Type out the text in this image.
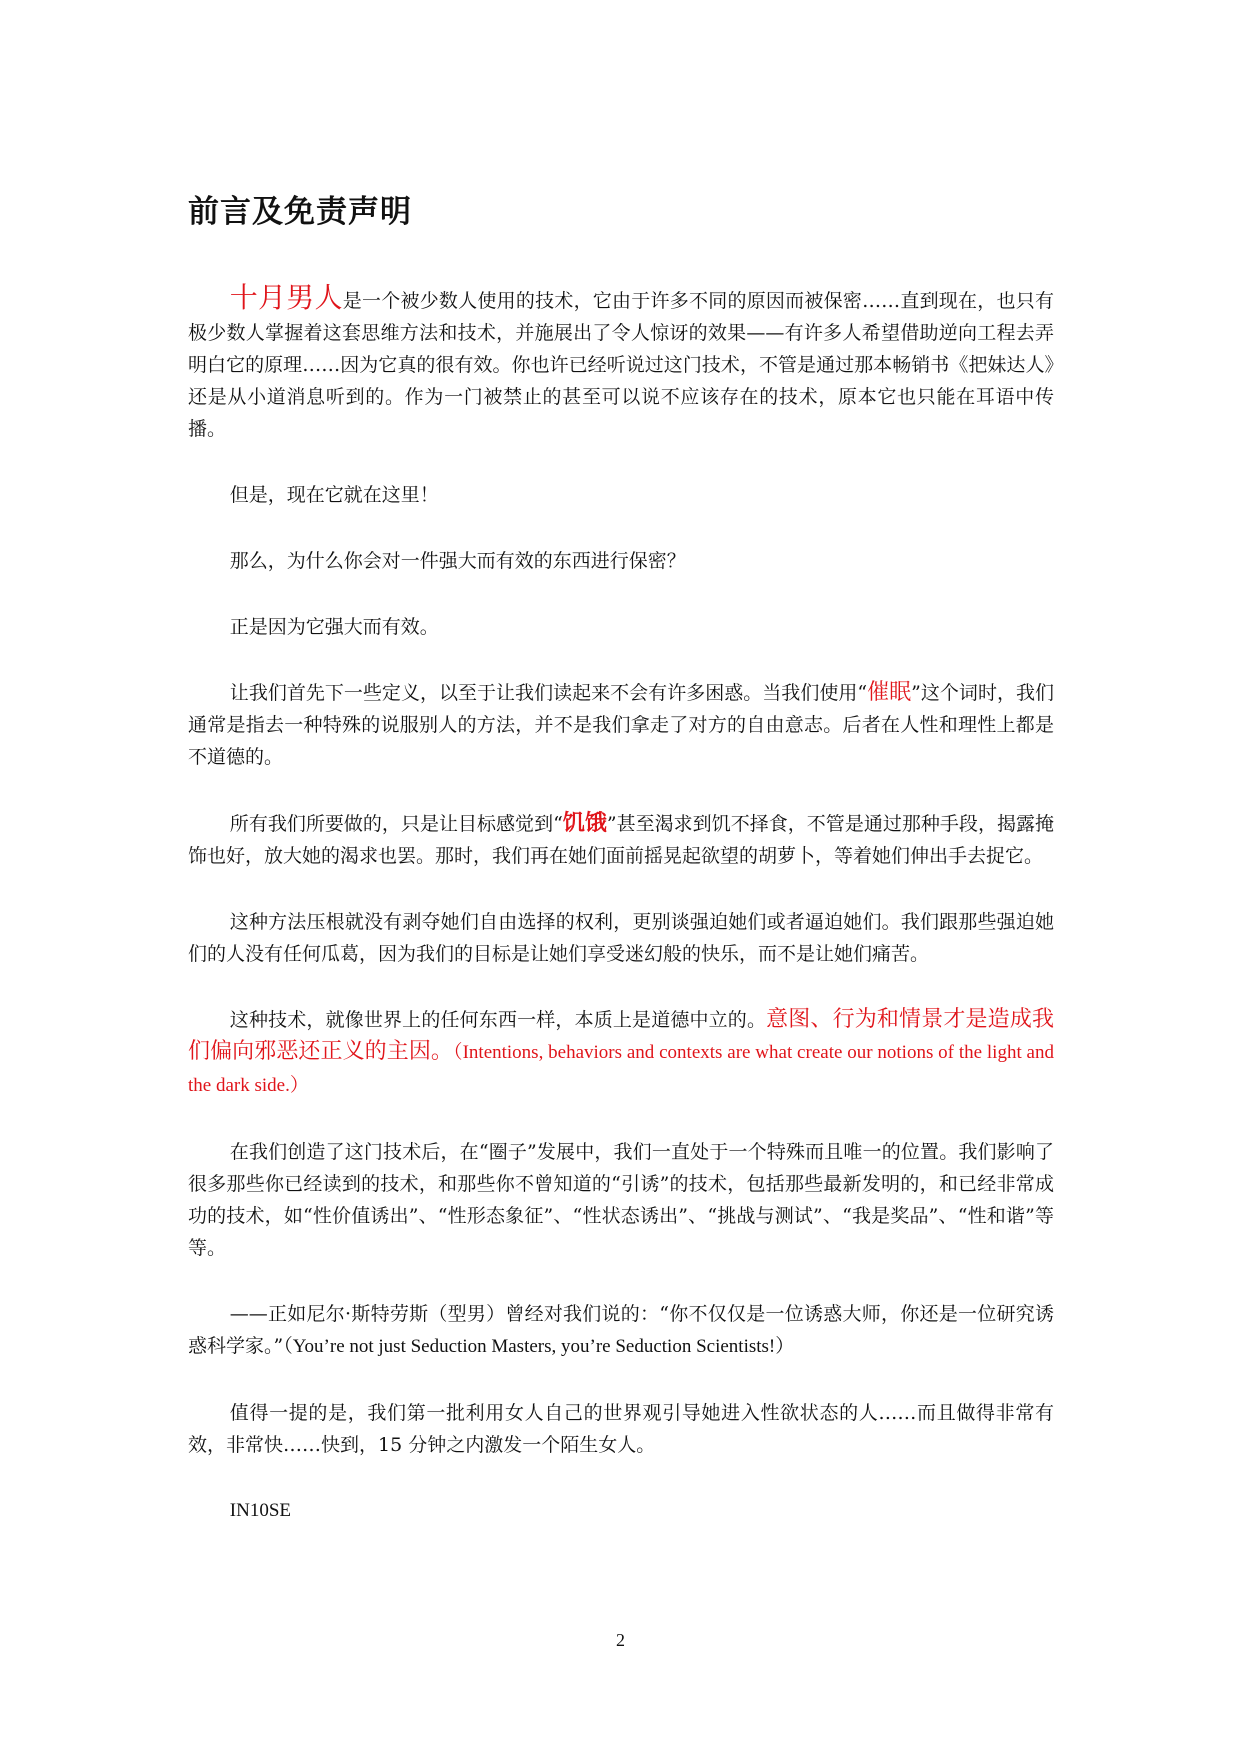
前言及免责声明

十月男人是一个被少数人使用的技术，它由于许多不同的原因而被保密……直到现在，也只有极少数人掌握着这套思维方法和技术，并施展出了令人惊讶的效果——有许多人希望借助逆向工程去弄明白它的原理……因为它真的很有效。你也许已经听说过这门技术，不管是通过那本畅销书《把妹达人》还是从小道消息听到的。作为一门被禁止的甚至可以说不应该存在的技术，原本它也只能在耳语中传播。

但是，现在它就在这里！

那么，为什么你会对一件强大而有效的东西进行保密？

正是因为它强大而有效。

让我们首先下一些定义，以至于让我们读起来不会有许多困惑。当我们使用“催眠”这个词时，我们通常是指去一种特殊的说服别人的方法，并不是我们拿走了对方的自由意志。后者在人性和理性上都是不道德的。

所有我们所要做的，只是让目标感觉到“饥饿”甚至渴求到饥不择食，不管是通过那种手段，揭露掩饰也好，放大她的渴求也罢。那时，我们再在她们面前摇晃起欲望的胡萝卜，等着她们伸出手去捉它。

这种方法压根就没有剥夺她们自由选择的权利，更别谈强迫她们或者逼迫她们。我们跟那些强迫她们的人没有任何瓜葛，因为我们的目标是让她们享受迷幻般的快乐，而不是让她们痛苦。

这种技术，就像世界上的任何东西一样，本质上是道德中立的。意图、行为和情景才是造成我们偏向邪恶还正义的主因。（Intentions, behaviors and contexts are what create our notions of the light and the dark side.）

在我们创造了这门技术后，在“圈子”发展中，我们一直处于一个特殊而且唯一的位置。我们影响了很多那些你已经读到的技术，和那些你不曾知道的“引诱”的技术，包括那些最新发明的，和已经非常成功的技术，如“性价值诱出”、“性形态象征”、“性状态诱出”、“挑战与测试”、“我是奖品”、“性和谐”等等。

——正如尼尔·斯特劳斯（型男）曾经对我们说的：“你不仅仅是一位诱惑大师，你还是一位研究诱惑科学家。”（You’re not just Seduction Masters, you’re Seduction Scientists!）

值得一提的是，我们第一批利用女人自己的世界观引导她进入性欲状态的人……而且做得非常有效，非常快……快到，15 分钟之内激发一个陌生女人。

IN10SE

2
